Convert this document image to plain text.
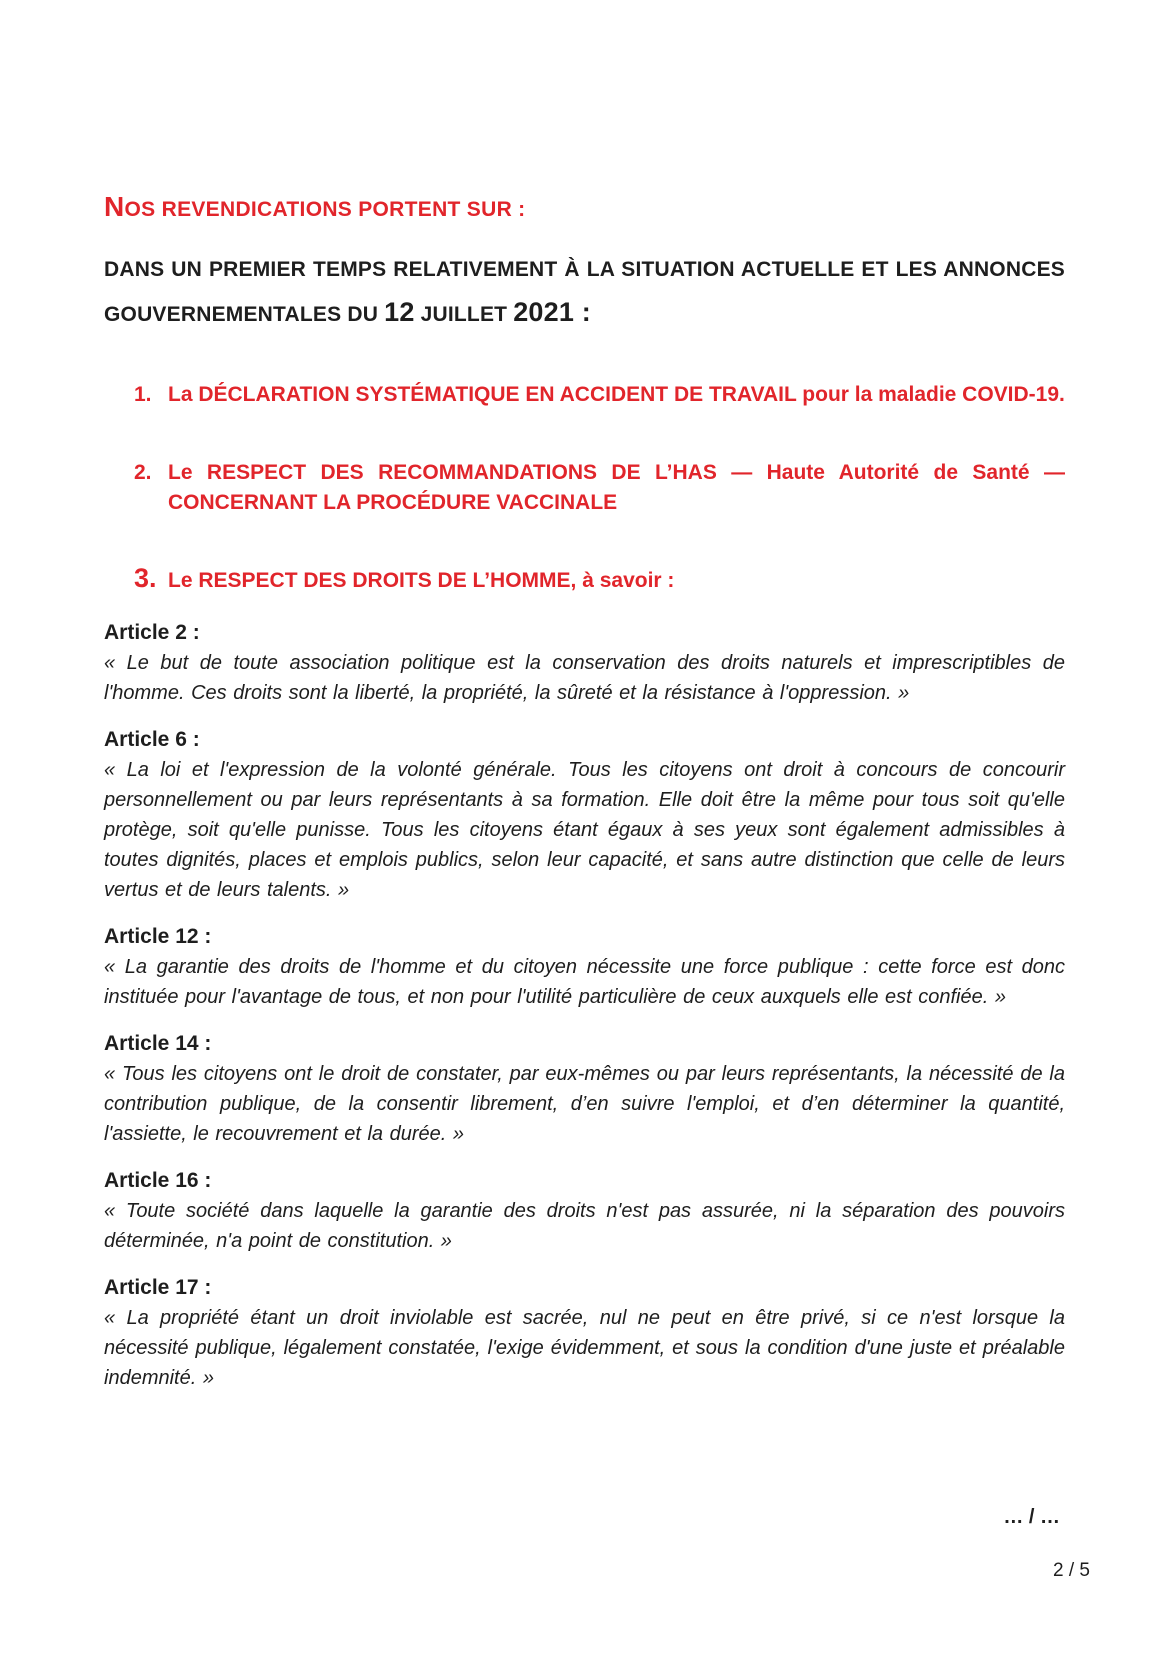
NOS REVENDICATIONS PORTENT SUR :

DANS UN PREMIER TEMPS RELATIVEMENT À LA SITUATION ACTUELLE ET LES ANNONCES GOUVERNEMENTALES DU 12 JUILLET 2021 :

1. La DÉCLARATION SYSTÉMATIQUE EN ACCIDENT DE TRAVAIL pour la maladie COVID-19.
2. Le RESPECT DES RECOMMANDATIONS DE L’HAS — Haute Autorité de Santé — CONCERNANT LA PROCÉDURE VACCINALE
3. Le RESPECT DES DROITS DE L’HOMME, à savoir :
Article 2 :

« Le but de toute association politique est la conservation des droits naturels et imprescriptibles de l'homme. Ces droits sont la liberté, la propriété, la sûreté et la résistance à l'oppression. »

Article 6 :

« La loi et l'expression de la volonté générale. Tous les citoyens ont droit à concours de concourir personnellement ou par leurs représentants à sa formation. Elle doit être la même pour tous soit qu'elle protège, soit qu'elle punisse. Tous les citoyens étant égaux à ses yeux sont également admissibles à toutes dignités, places et emplois publics, selon leur capacité, et sans autre distinction que celle de leurs vertus et de leurs talents. »

Article 12 :

« La garantie des droits de l'homme et du citoyen nécessite une force publique : cette force est donc instituée pour l'avantage de tous, et non pour l'utilité particulière de ceux auxquels elle est confiée. »

Article 14 :

« Tous les citoyens ont le droit de constater, par eux-mêmes ou par leurs représentants, la nécessité de la contribution publique, de la consentir librement, d’en suivre l'emploi, et d’en déterminer la quantité, l'assiette, le recouvrement et la durée. »

Article 16 :

« Toute société dans laquelle la garantie des droits n'est pas assurée, ni la séparation des pouvoirs déterminée, n'a point de constitution. »

Article 17 :

« La propriété étant un droit inviolable est sacrée, nul ne peut en être privé, si ce n'est lorsque la nécessité publique, légalement constatée, l'exige évidemment, et sous la condition d'une juste et préalable indemnité. »

… / …
2 / 5
